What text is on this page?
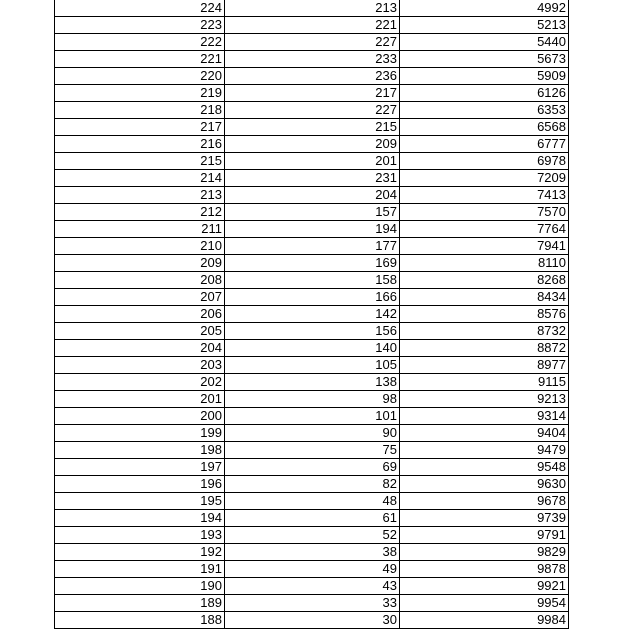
224	213	4992
223	221	5213
222	227	5440
221	233	5673
220	236	5909
219	217	6126
218	227	6353
217	215	6568
216	209	6777
215	201	6978
214	231	7209
213	204	7413
212	157	7570
211	194	7764
210	177	7941
209	169	8110
208	158	8268
207	166	8434
206	142	8576
205	156	8732
204	140	8872
203	105	8977
202	138	9115
201	98	9213
200	101	9314
199	90	9404
198	75	9479
197	69	9548
196	82	9630
195	48	9678
194	61	9739
193	52	9791
192	38	9829
191	49	9878
190	43	9921
189	33	9954
188	30	9984
